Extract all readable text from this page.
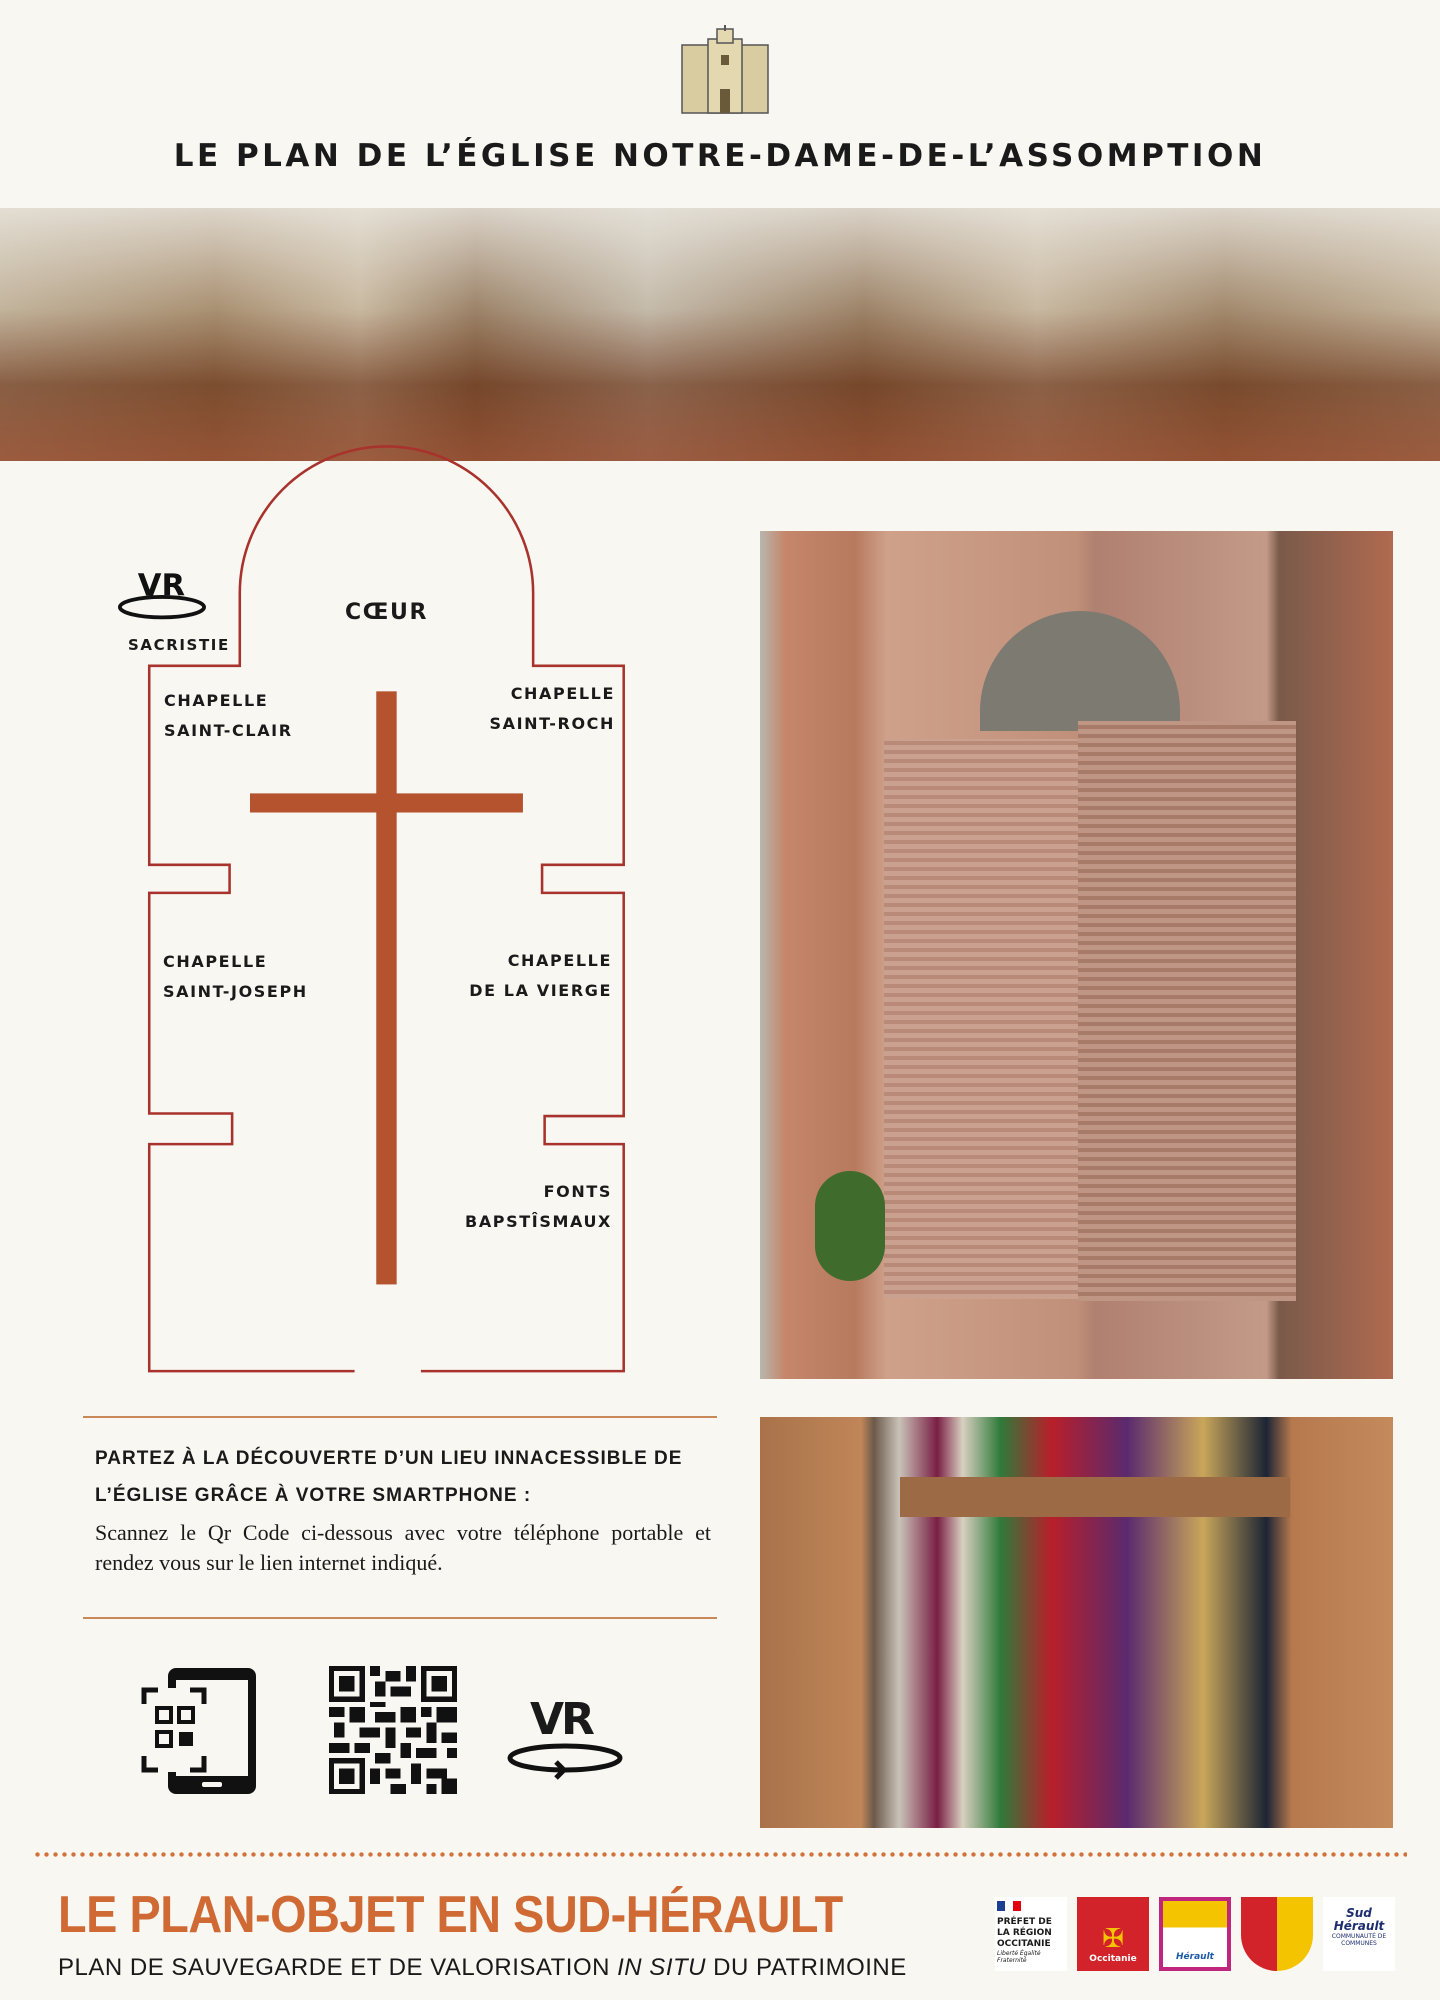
LE PLAN DE L’ÉGLISE NOTRE-DAME-DE-L’ASSOMPTION
VR
SACRISTIE
CŒUR
CHAPELLE
SAINT-CLAIR
CHAPELLE
SAINT-ROCH
CHAPELLE
SAINT-JOSEPH
CHAPELLE
DE LA VIERGE
FONTS
BAPSTÎSMAUX
PARTEZ À LA DÉCOUVERTE D’UN LIEU INNACESSIBLE DE L’ÉGLISE GRÂCE À VOTRE SMARTPHONE :
Scannez le Qr Code ci-dessous avec votre téléphone portable et rendez vous sur le lien internet indiqué.
VR
LE PLAN-OBJET EN SUD-HÉRAULT
PLAN DE SAUVEGARDE ET DE VALORISATION IN SITU DU PATRIMOINE
PRÉFET DE LA RÉGION OCCITANIE
Liberté Égalité Fraternité
✠
Occitanie	Hérault
Sud Hérault
COMMUNAUTÉ DE COMMUNES
